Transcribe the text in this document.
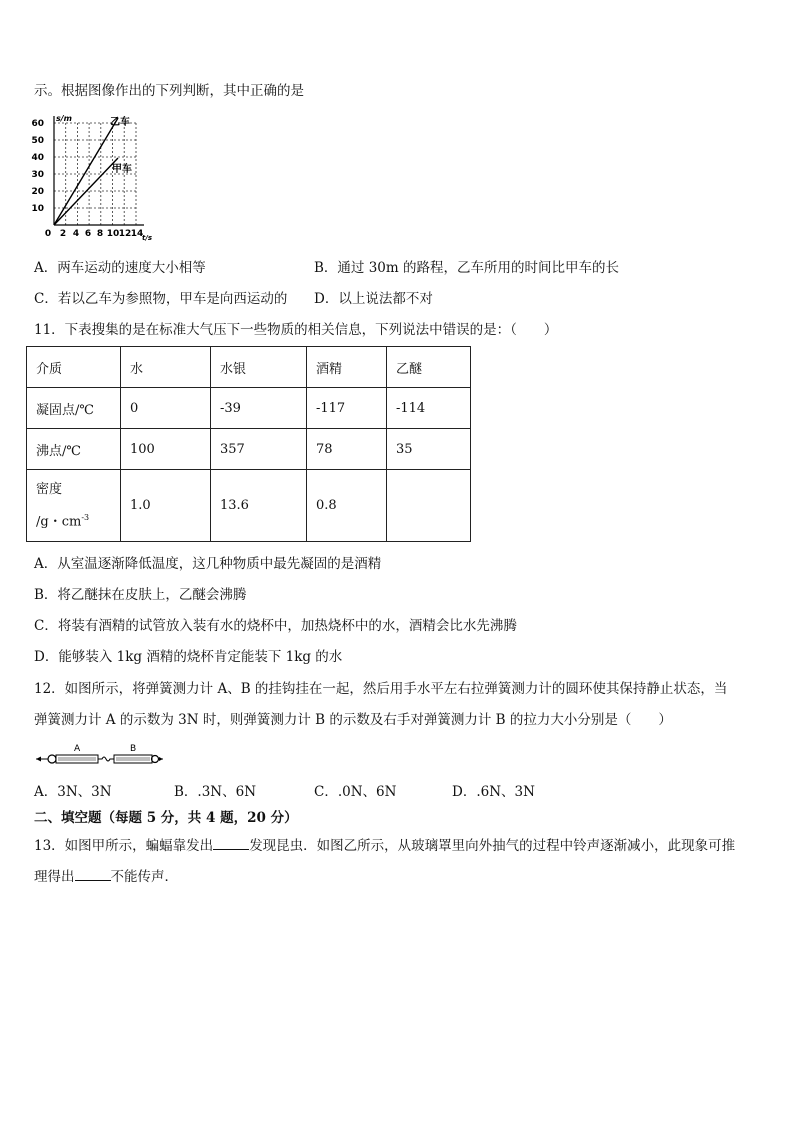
示。根据图像作出的下列判断，其中正确的是
60
50
40
30
20
10
0 2 4 6 8 10 12 14
s/m
t/s
乙车
甲车
A．两车运动的速度大小相等	B．通过 30m 的路程，乙车所用的时间比甲车的长
C．若以乙车为参照物，甲车是向西运动的 D．以上说法都不对
11．下表搜集的是在标准大气压下一些物质的相关信息，下列说法中错误的是：（　　）
介质	水	水银	酒精	乙醚
凝固点/℃	0	-39	-117	-114
沸点/℃	100	357	78	35

密度
/g・$cm^{-3}$	1.0	13.6	0.8	
A．从室温逐渐降低温度，这几种物质中最先凝固的是酒精
B．将乙醚抹在皮肤上，乙醚会沸腾
C．将装有酒精的试管放入装有水的烧杯中，加热烧杯中的水，酒精会比水先沸腾
D．能够装入 1kg 酒精的烧杯肯定能装下 1kg 的水
12．如图所示，将弹簧测力计 A、B 的挂钩挂在一起，然后用手水平左右拉弹簧测力计的圆环使其保持静止状态，当
弹簧测力计 A 的示数为 3N 时，则弹簧测力计 B 的示数及右手对弹簧测力计 B 的拉力大小分别是（　　）
A	B
A．3N、3N	B．.3N、6N	C．.0N、6N	D．.6N、3N
二、填空题（每题 5 分，共 4 题，20 分）
13．如图甲所示，蝙蝠靠发出	发现昆虫．如图乙所示，从玻璃罩里向外抽气的过程中铃声逐渐减小，此现象可推
理得出	不能传声．
